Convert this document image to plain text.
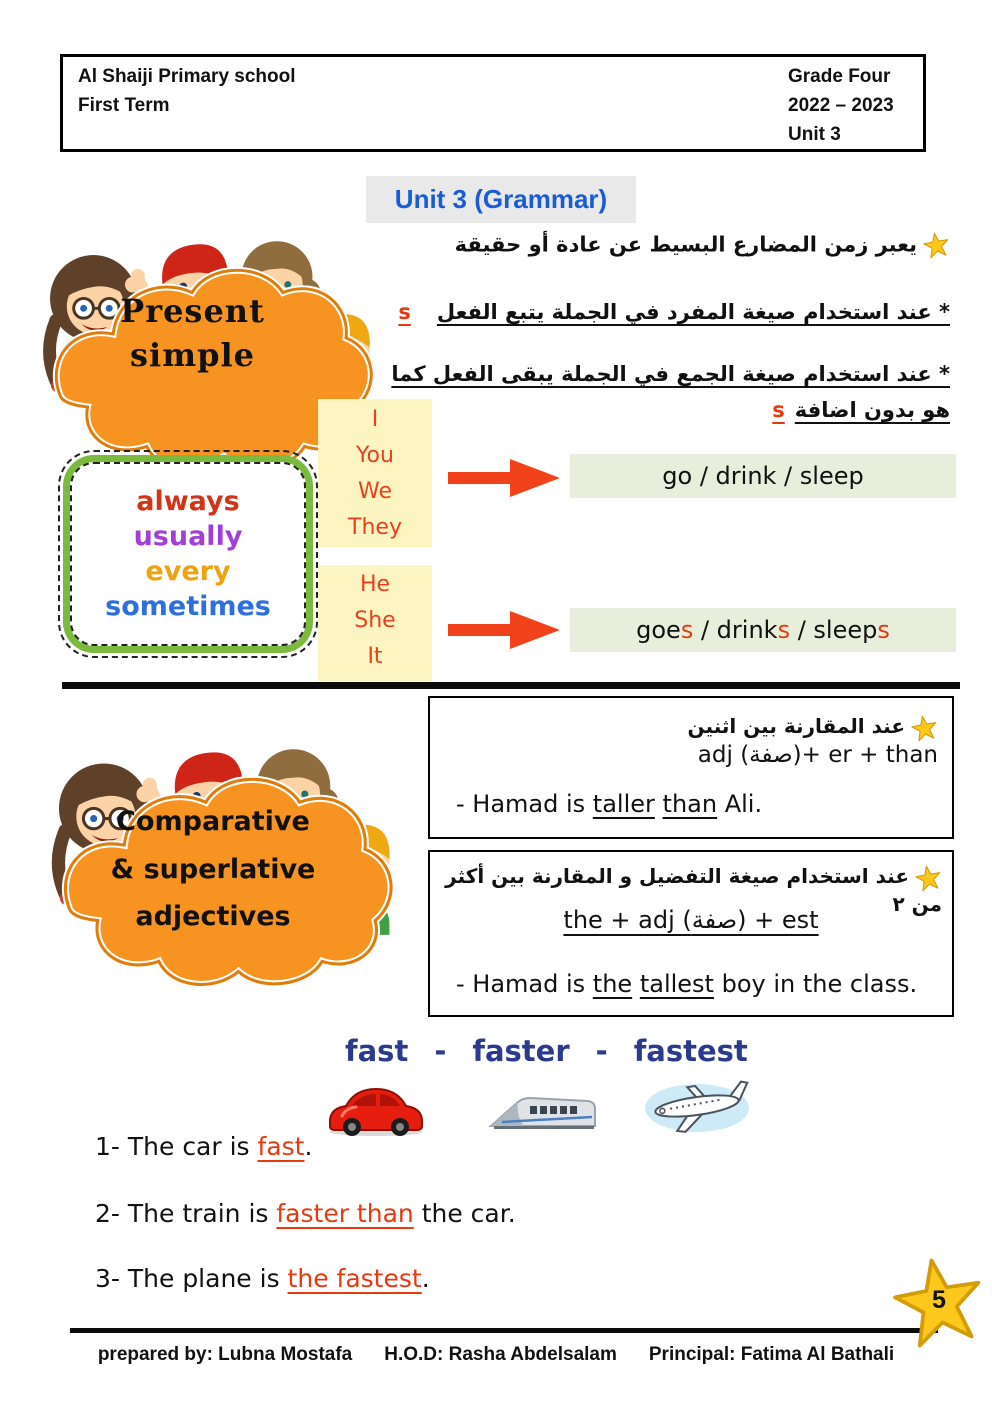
Al Shaiji Primary school
First Term
Grade Four
2022 – 2023
Unit 3
Unit 3 (Grammar)
يعبر زمن المضارع البسيط عن عادة أو حقيقة
* عند استخدام صيغة المفرد في الجملة يتبع الفعلs
* عند استخدام صيغة الجمع في الجملة يبقى الفعل كما
هو بدون اضافةs
Present
simple
always
usually
every
sometimes
I
You
We
They
He
She
It
go / drink / sleep
goes / drinks / sleeps
Comparative
& superlative
adjectives
عند المقارنة بين اثنينadj (صفة)+ er + than
- Hamad is taller than Ali.
عند استخدام صيغة التفضيل و المقارنة بين أكثر من ٢
the + adj (صفة) + est
- Hamad is the tallest boy in the class.
fast - faster - fastest
1- The car is fast.
2- The train is faster than the car.
3- The plane is the fastest.
5
prepared by: Lubna Mostafa H.O.D: Rasha Abdelsalam Principal: Fatima Al Bathali
